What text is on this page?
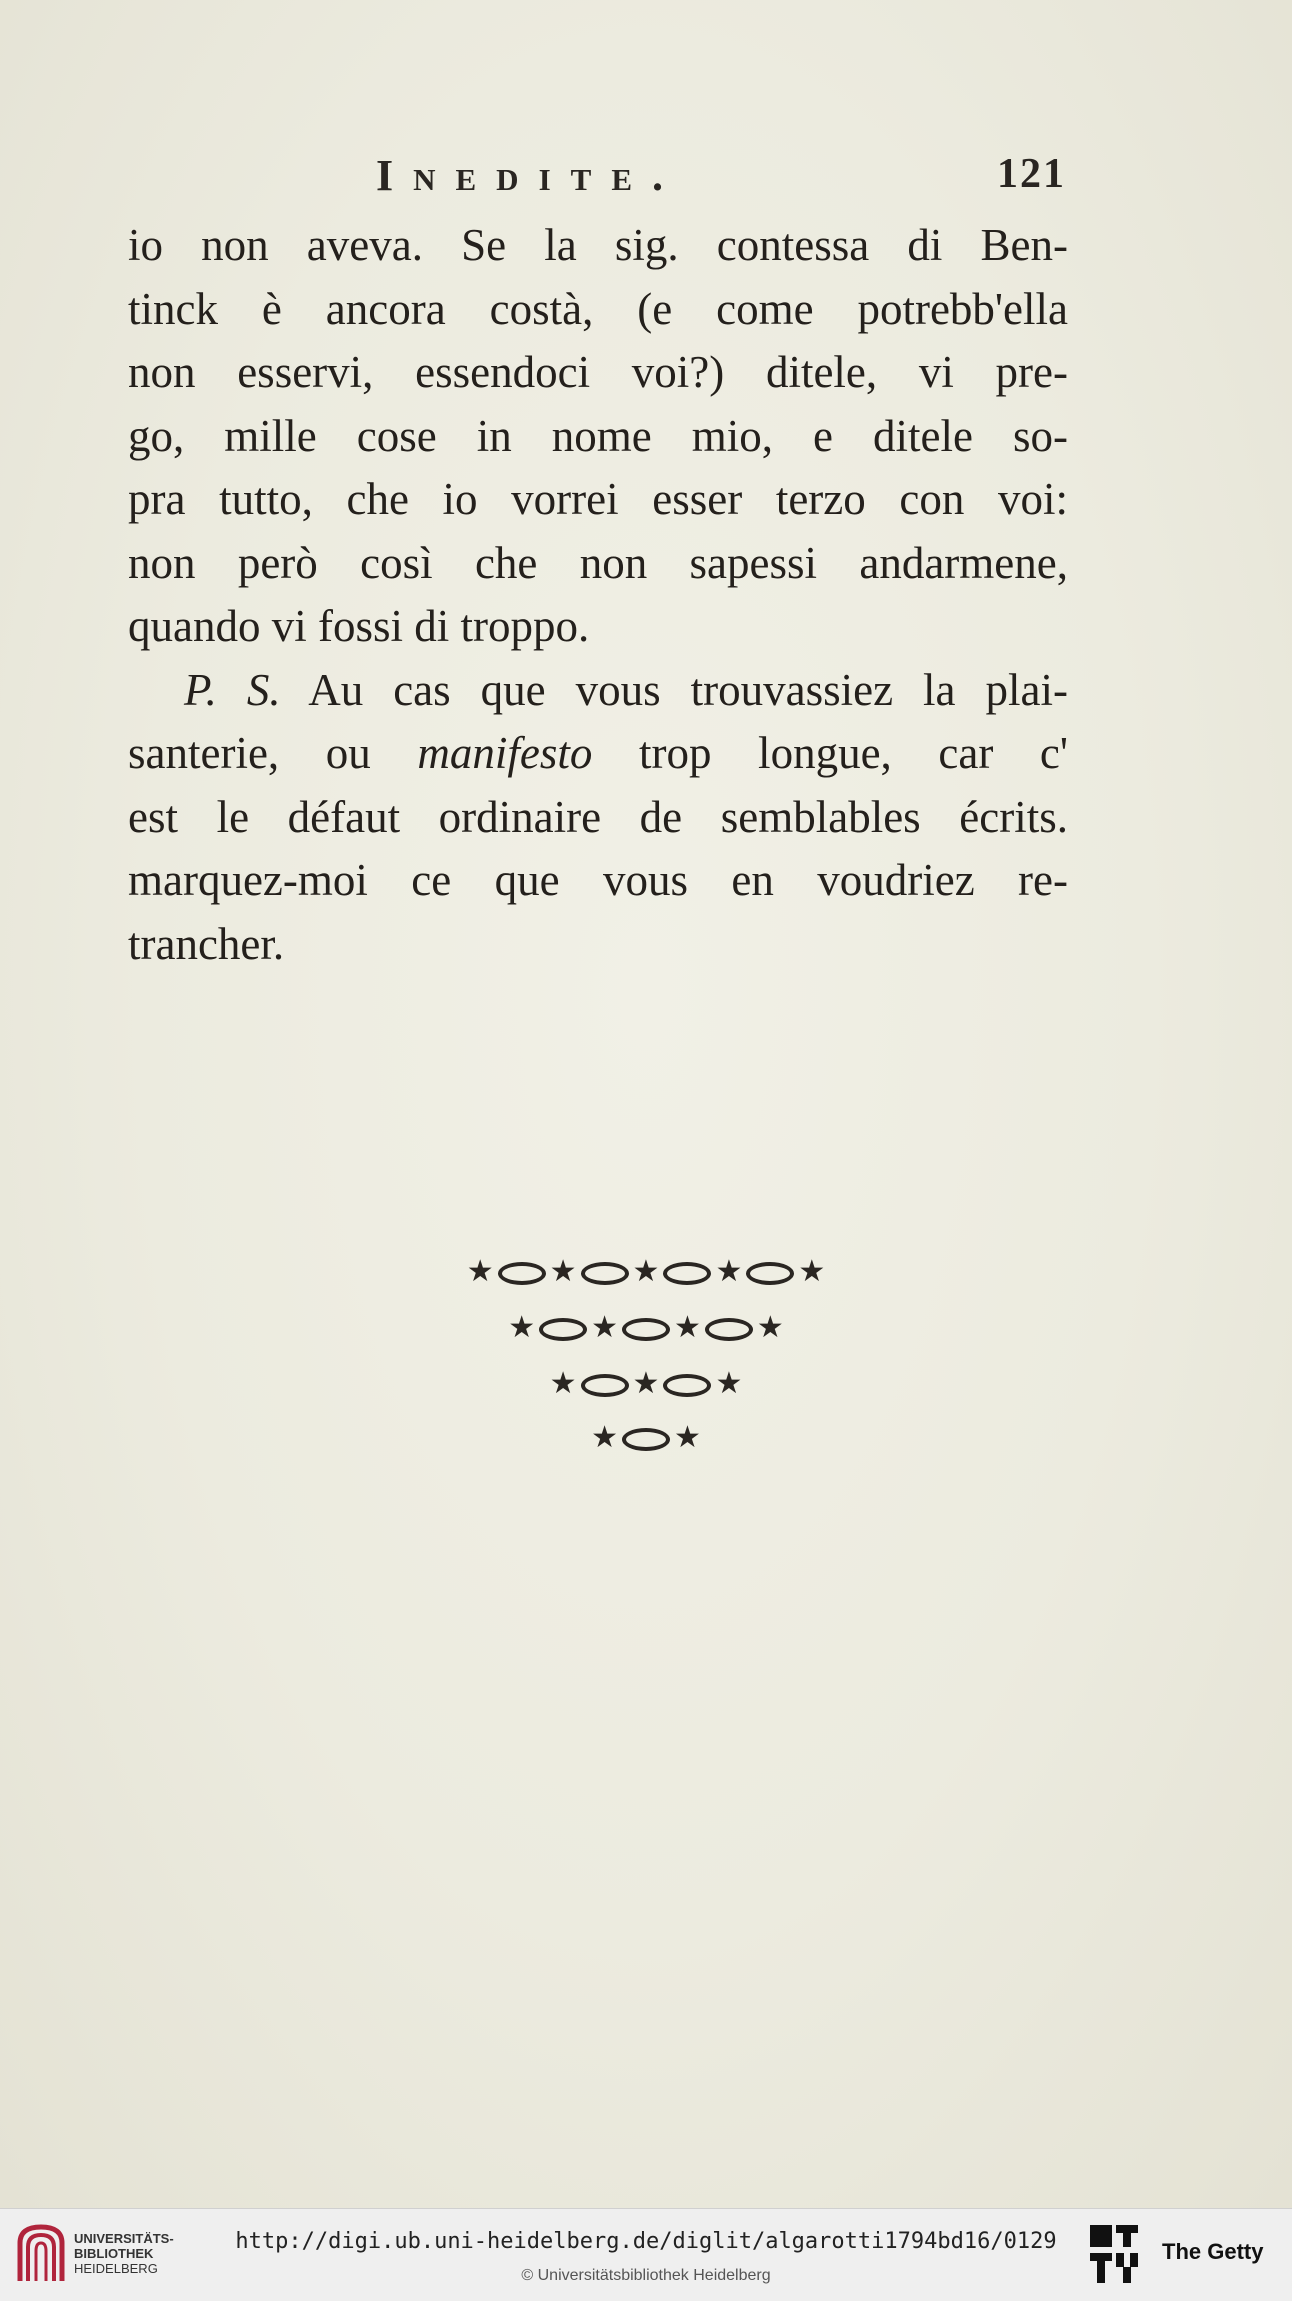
Inedite.	121
io non aveva. Se la sig. contessa di Ben-
tinck è ancora costà, (e come potrebb'ella
non esservi, essendoci voi?) ditele, vi pre-
go, mille cose in nome mio, e ditele so-
pra tutto, che io vorrei esser terzo con voi:
non però così che non sapessi andarmene,
quando vi fossi di troppo.
P. S. Au cas que vous trouvassiez la plai-
santerie, ou manifesto trop longue, car c'
est le défaut ordinaire de semblables écrits.
marquez-moi ce que vous en voudriez re-
trancher.
★ ★ ★ ★ ★
★ ★ ★ ★
★ ★ ★
★ ★
UNIVERSITÄTS-
BIBLIOTHEK
HEIDELBERG
http://digi.ub.uni-heidelberg.de/diglit/algarotti1794bd16/0129
© Universitätsbibliothek Heidelberg
The Getty
